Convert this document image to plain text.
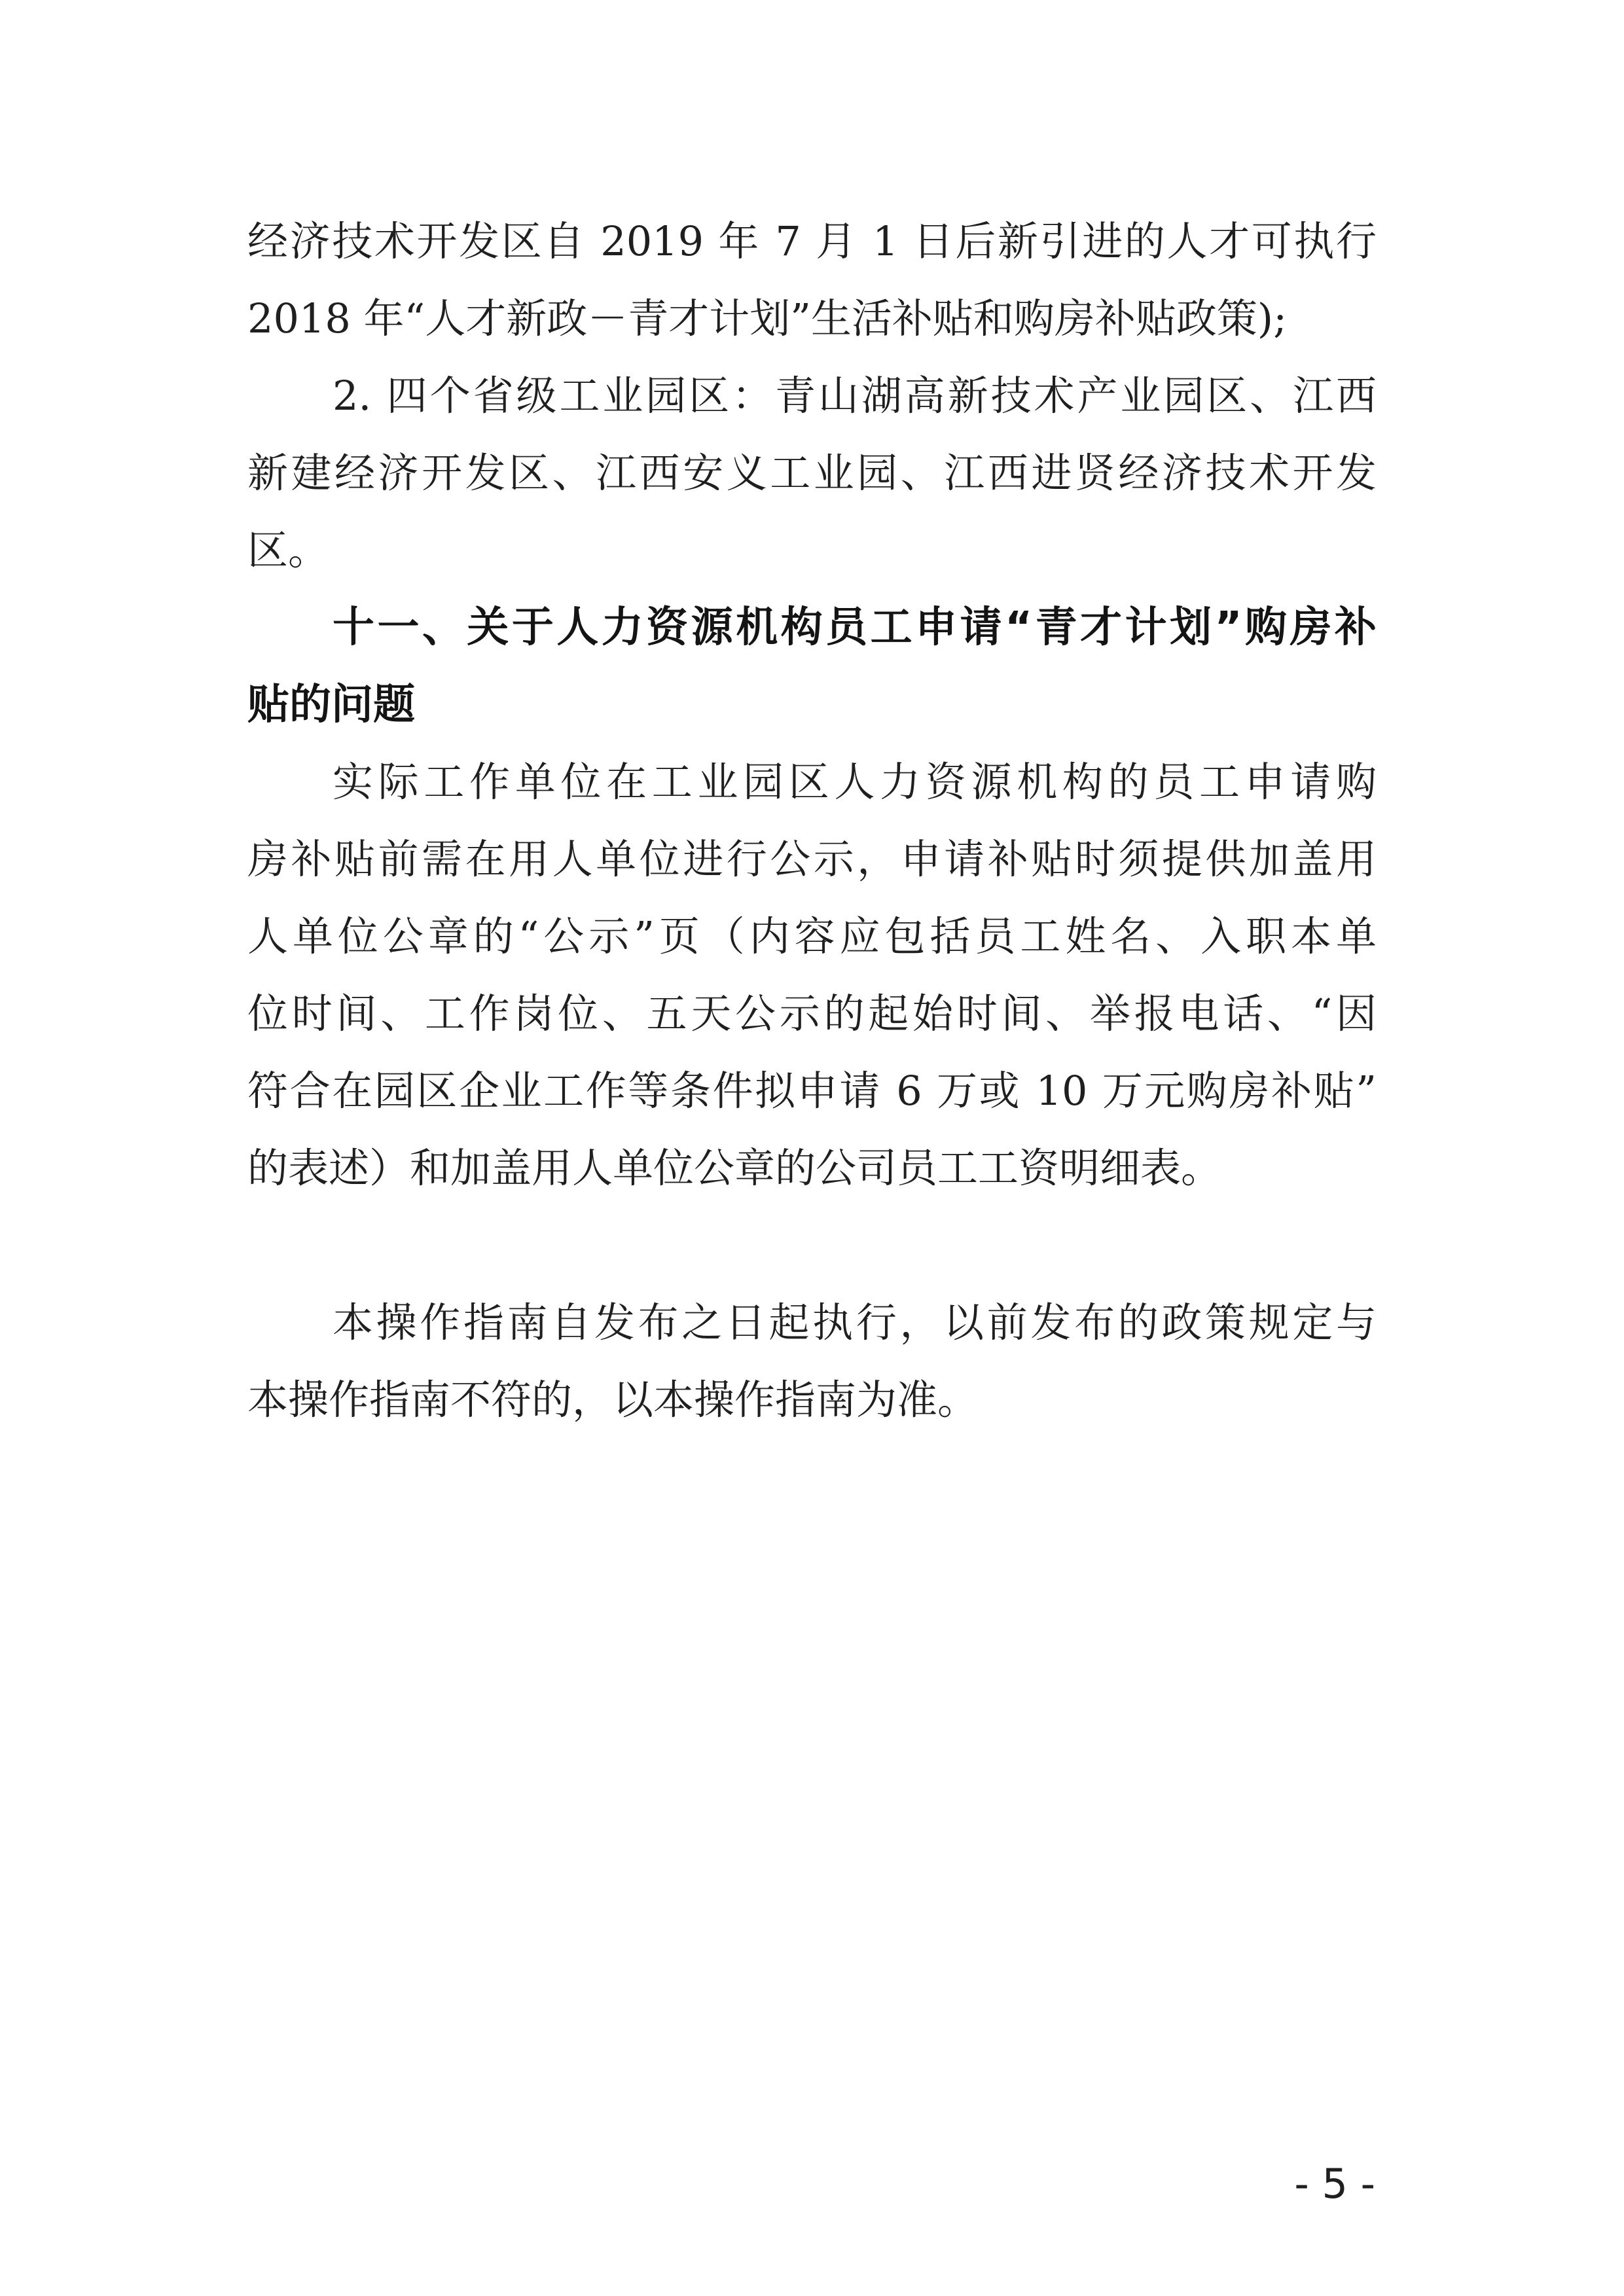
经济技术开发区自 2019 年 7 月 1 日后新引进的人才可执行
2018 年“人才新政－青才计划”生活补贴和购房补贴政策);
2. 四个省级工业园区：青山湖高新技术产业园区、江西
新建经济开发区、江西安义工业园、江西进贤经济技术开发
区。
十一、关于人力资源机构员工申请“青才计划”购房补
贴的问题
实际工作单位在工业园区人力资源机构的员工申请购
房补贴前需在用人单位进行公示，申请补贴时须提供加盖用
人单位公章的“公示”页（内容应包括员工姓名、入职本单
位时间、工作岗位、五天公示的起始时间、举报电话、“因
符合在园区企业工作等条件拟申请 6 万或 10 万元购房补贴”
的表述）和加盖用人单位公章的公司员工工资明细表。
本操作指南自发布之日起执行，以前发布的政策规定与
本操作指南不符的，以本操作指南为准。
- 5 -
